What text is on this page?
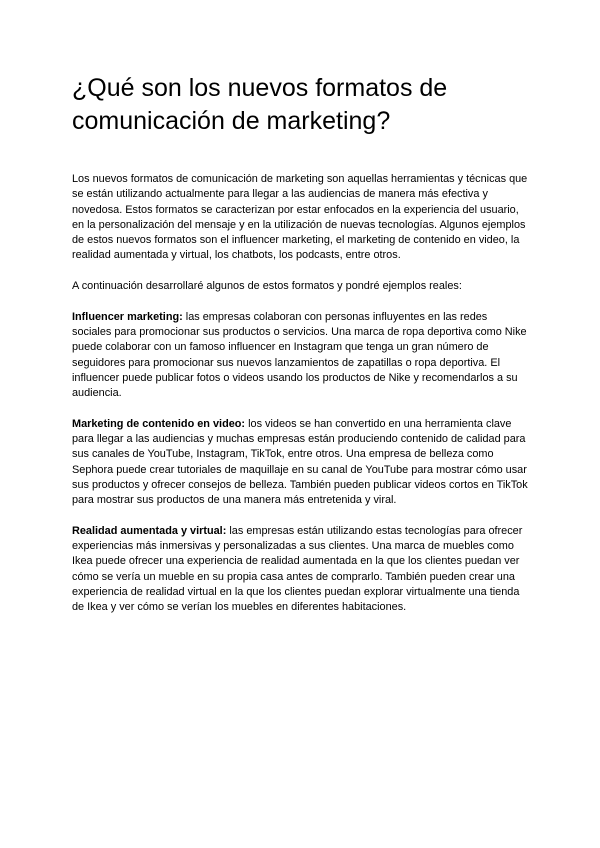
¿Qué son los nuevos formatos de comunicación de marketing?

Los nuevos formatos de comunicación de marketing son aquellas herramientas y técnicas que se están utilizando actualmente para llegar a las audiencias de manera más efectiva y novedosa. Estos formatos se caracterizan por estar enfocados en la experiencia del usuario, en la personalización del mensaje y en la utilización de nuevas tecnologías. Algunos ejemplos de estos nuevos formatos son el influencer marketing, el marketing de contenido en video, la realidad aumentada y virtual, los chatbots, los podcasts, entre otros.

A continuación desarrollaré algunos de estos formatos y pondré ejemplos reales:

Influencer marketing: las empresas colaboran con personas influyentes en las redes sociales para promocionar sus productos o servicios. Una marca de ropa deportiva como Nike puede colaborar con un famoso influencer en Instagram que tenga un gran número de seguidores para promocionar sus nuevos lanzamientos de zapatillas o ropa deportiva. El influencer puede publicar fotos o videos usando los productos de Nike y recomendarlos a su audiencia.

Marketing de contenido en video: los videos se han convertido en una herramienta clave para llegar a las audiencias y muchas empresas están produciendo contenido de calidad para sus canales de YouTube, Instagram, TikTok, entre otros. Una empresa de belleza como Sephora puede crear tutoriales de maquillaje en su canal de YouTube para mostrar cómo usar sus productos y ofrecer consejos de belleza. También pueden publicar videos cortos en TikTok para mostrar sus productos de una manera más entretenida y viral.

Realidad aumentada y virtual: las empresas están utilizando estas tecnologías para ofrecer experiencias más inmersivas y personalizadas a sus clientes. Una marca de muebles como Ikea puede ofrecer una experiencia de realidad aumentada en la que los clientes puedan ver cómo se vería un mueble en su propia casa antes de comprarlo. También pueden crear una experiencia de realidad virtual en la que los clientes puedan explorar virtualmente una tienda de Ikea y ver cómo se verían los muebles en diferentes habitaciones.
